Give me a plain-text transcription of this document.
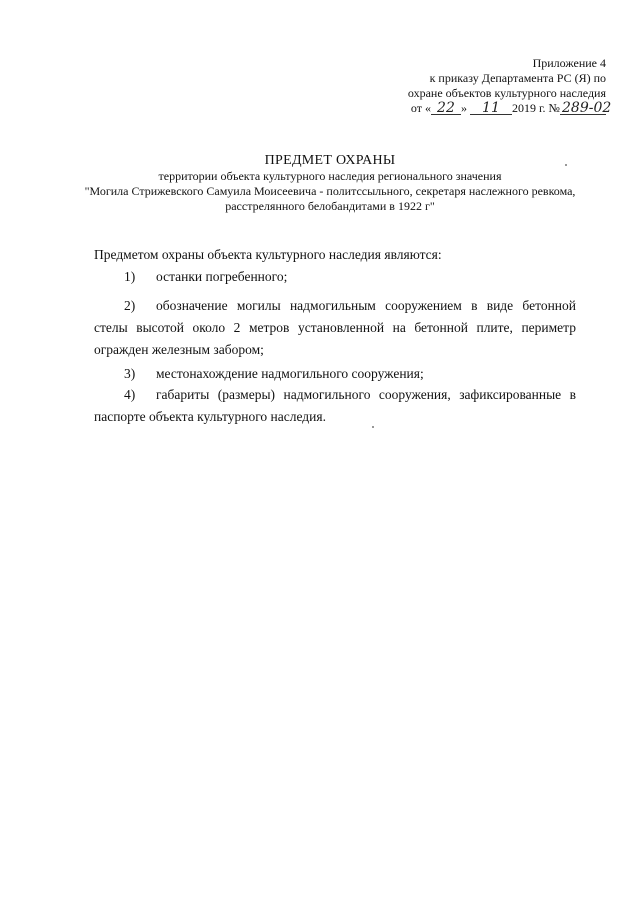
Приложение 4
к приказу Департамента РС (Я) по
охране объектов культурного наследия
от « 22 » 11 2019 г. № 289-02
ПРЕДМЕТ ОХРАНЫ
территории объекта культурного наследия регионального значения
"Могила Стрижевского Самуила Моисеевича - политссыльного, секретаря наслежного ревкома,
расстрелянного белобандитами в 1922 г"
Предметом охраны объекта культурного наследия являются:
1)	останки погребенного;
2)	обозначение могилы надмогильным сооружением в виде бетонной стелы высотой около 2 метров установленной на бетонной плите, периметр огражден железным забором;
3)	местонахождение надмогильного сооружения;
4)	габариты (размеры) надмогильного сооружения, зафиксированные в паспорте объекта культурного наследия.
